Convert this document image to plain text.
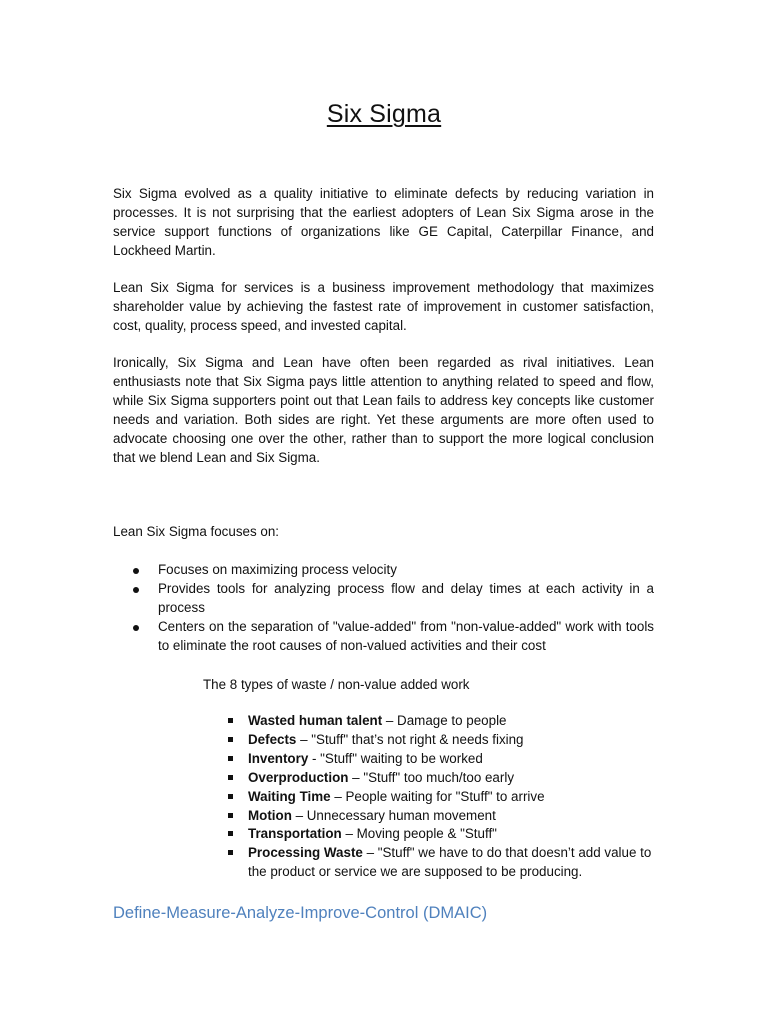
Six Sigma

Six Sigma evolved as a quality initiative to eliminate defects by reducing variation in processes. It is not surprising that the earliest adopters of Lean Six Sigma arose in the service support functions of organizations like GE Capital, Caterpillar Finance, and Lockheed Martin.

Lean Six Sigma for services is a business improvement methodology that maximizes shareholder value by achieving the fastest rate of improvement in customer satisfaction, cost, quality, process speed, and invested capital.

Ironically, Six Sigma and Lean have often been regarded as rival initiatives. Lean enthusiasts note that Six Sigma pays little attention to anything related to speed and flow, while Six Sigma supporters point out that Lean fails to address key concepts like customer needs and variation. Both sides are right. Yet these arguments are more often used to advocate choosing one over the other, rather than to support the more logical conclusion that we blend Lean and Six Sigma.

Lean Six Sigma focuses on:

Focuses on maximizing process velocity
Provides tools for analyzing process flow and delay times at each activity in a process
Centers on the separation of "value-added" from "non-value-added" work with tools to eliminate the root causes of non-valued activities and their cost

The 8 types of waste / non-value added work

Wasted human talent – Damage to people
Defects – "Stuff" that’s not right & needs fixing
Inventory - "Stuff" waiting to be worked
Overproduction – "Stuff" too much/too early
Waiting Time – People waiting for "Stuff" to arrive
Motion – Unnecessary human movement
Transportation – Moving people & "Stuff"
Processing Waste – "Stuff" we have to do that doesn’t add value to the product or service we are supposed to be producing.
Define-Measure-Analyze-Improve-Control (DMAIC)
